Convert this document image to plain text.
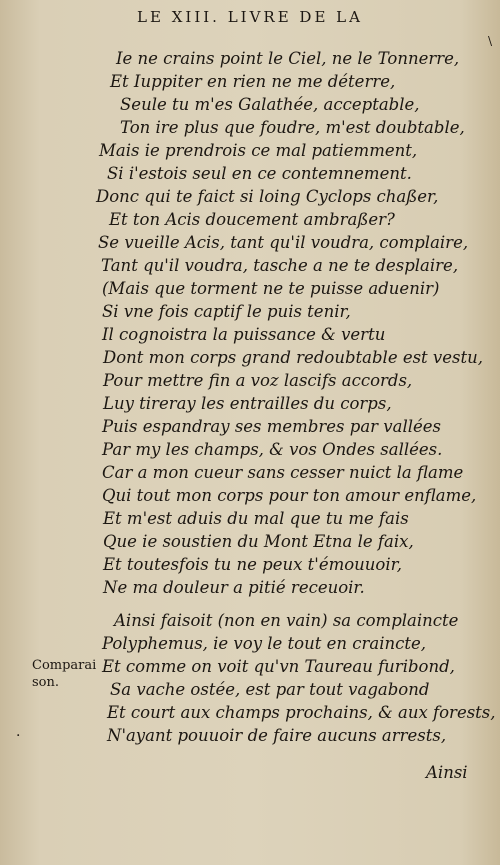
LE XIII. LIVRE DE LA
\
Ie ne crains point le Ciel, ne le Tonnerre,
Et Iuppiter en rien ne me déterre,
Seule tu m'es Galathée, acceptable,
Ton ire plus que foudre, m'est doubtable,
Mais ie prendrois ce mal patiemment,
Si i'estois seul en ce contemnement.
Donc qui te faict si loing Cyclops chaßer,
Et ton Acis doucement ambraßer?
Se vueille Acis, tant qu'il voudra, complaire,
Tant qu'il voudra, tasche a ne te desplaire,
(Mais que torment ne te puisse aduenir)
Si vne fois captif le puis tenir,
Il cognoistra la puissance & vertu
Dont mon corps grand redoubtable est vestu,
Pour mettre fin a voz lascifs accords,
Luy tireray les entrailles du corps,
Puis espandray ses membres par vallées
Par my les champs, & vos Ondes sallées.
Car a mon cueur sans cesser nuict la flame
Qui tout mon corps pour ton amour enflame,
Et m'est aduis du mal que tu me fais
Que ie soustien du Mont Etna le faix,
Et toutesfois tu ne peux t'émouuoir,
Ne ma douleur a pitié receuoir.
Ainsi faisoit (non en vain) sa complaincte
Polyphemus, ie voy le tout en craincte,
Et comme on voit qu'vn Taureau furibond,
Sa vache ostée, est par tout vagabond
Et court aux champs prochains, & aux forests,
N'ayant pouuoir de faire aucuns arrests,
Comparai
son.
·
Ainsi
